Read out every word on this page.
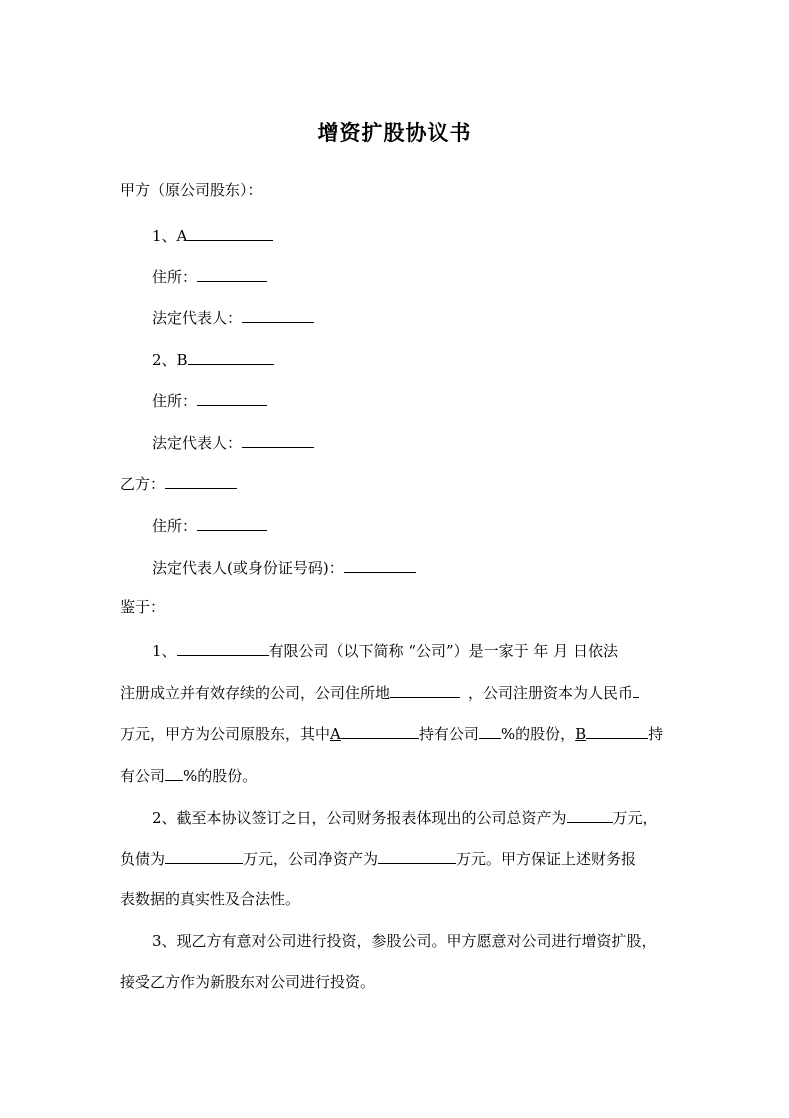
增资扩股协议书
甲方（原公司股东）：
1、A
住所：
法定代表人：
2、B
住所：
法定代表人：
乙方：
住所：
法定代表人(或身份证号码)：
鉴于：
1、	有限公司（以下简称 “公司”）是一家于 年 月 日依法
注册成立并有效存续的公司，公司住所地	，公司注册资本为人民币
万元，甲方为公司原股东，其中A	持有公司 %的股份，B	持
有公司 %的股份。
2、截至本协议签订之日，公司财务报表体现出的公司总资产为	万元，
负债为	万元，公司净资产为	万元。甲方保证上述财务报
表数据的真实性及合法性。
3、现乙方有意对公司进行投资，参股公司。甲方愿意对公司进行增资扩股，
接受乙方作为新股东对公司进行投资。
